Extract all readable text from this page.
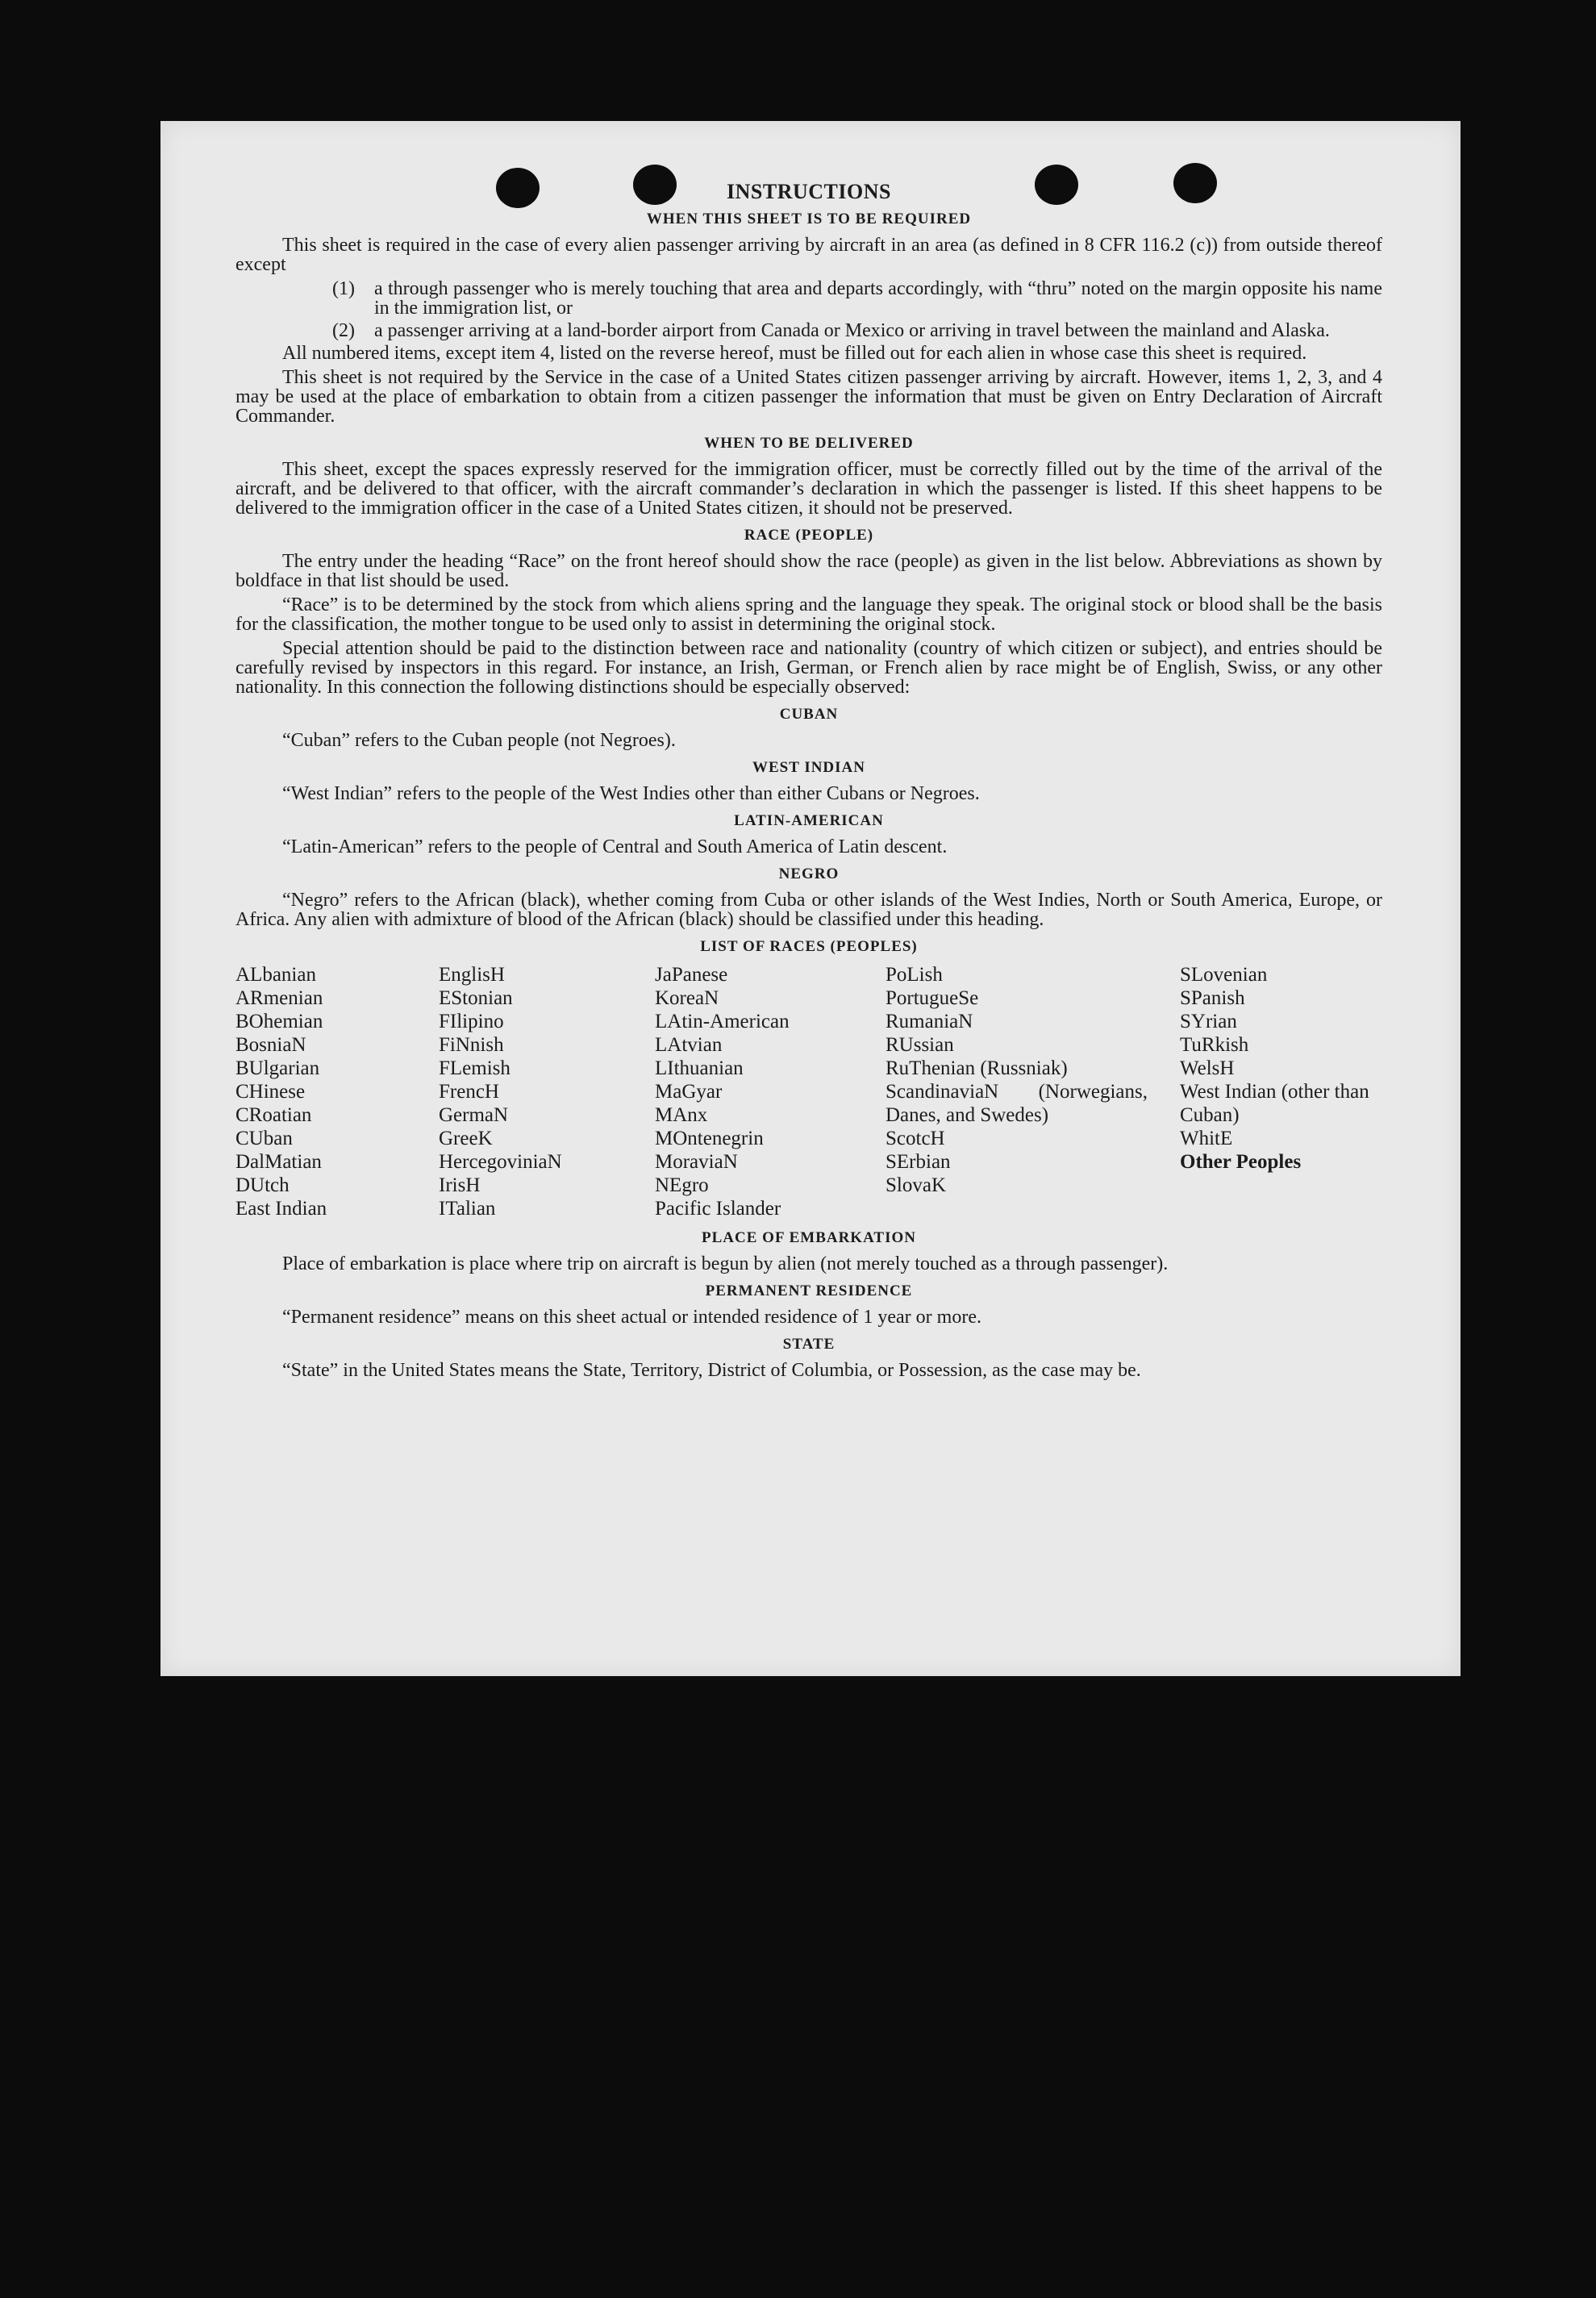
INSTRUCTIONS
WHEN THIS SHEET IS TO BE REQUIRED

This sheet is required in the case of every alien passenger arriving by aircraft in an area (as defined in 8 CFR 116.2 (c)) from outside thereof except

(1)	a through passenger who is merely touching that area and departs accordingly, with “thru” noted on the margin opposite his name in the immigration list, or
(2)	a passenger arriving at a land-border airport from Canada or Mexico or arriving in travel between the mainland and Alaska.

All numbered items, except item 4, listed on the reverse hereof, must be filled out for each alien in whose case this sheet is required.

This sheet is not required by the Service in the case of a United States citizen passenger arriving by aircraft. However, items 1, 2, 3, and 4 may be used at the place of embarkation to obtain from a citizen passenger the information that must be given on Entry Declaration of Aircraft Commander.

WHEN TO BE DELIVERED

This sheet, except the spaces expressly reserved for the immigration officer, must be correctly filled out by the time of the arrival of the aircraft, and be delivered to that officer, with the aircraft commander’s declaration in which the passenger is listed. If this sheet happens to be delivered to the immigration officer in the case of a United States citizen, it should not be preserved.

RACE (PEOPLE)

The entry under the heading “Race” on the front hereof should show the race (people) as given in the list below. Abbreviations as shown by boldface in that list should be used.

“Race” is to be determined by the stock from which aliens spring and the language they speak. The original stock or blood shall be the basis for the classification, the mother tongue to be used only to assist in determining the original stock.

Special attention should be paid to the distinction between race and nationality (country of which citizen or subject), and entries should be carefully revised by inspectors in this regard. For instance, an Irish, German, or French alien by race might be of English, Swiss, or any other nationality. In this connection the following distinctions should be especially observed:

CUBAN
“Cuban” refers to the Cuban people (not Negroes).
WEST INDIAN
“West Indian” refers to the people of the West Indies other than either Cubans or Negroes.
LATIN-AMERICAN
“Latin-American” refers to the people of Central and South America of Latin descent.
NEGRO

“Negro” refers to the African (black), whether coming from Cuba or other islands of the West Indies, North or South America, Europe, or Africa. Any alien with admixture of blood of the African (black) should be classified under this heading.

LIST OF RACES (PEOPLES)
ALbanian
ARmenian
BOhemian
BosniaN
BUlgarian
CHinese
CRoatian
CUban
DalMatian
DUtch
East Indian
EnglisH
EStonian
FIlipino
FiNnish
FLemish
FrencH
GermaN
GreeK
HercegoviniaN
IrisH
ITalian
JaPanese
KoreaN
LAtin-American
LAtvian
LIthuanian
MaGyar
MAnx
MOntenegrin
MoraviaN
NEgro
Pacific Islander
PoLish
PortugueSe
RumaniaN
RUssian
RuThenian (Russniak)
ScandinaviaN (Norwegians, Danes, and Swedes)
ScotcH
SErbian
SlovaK
SLovenian
SPanish
SYrian
TuRkish
WelsH
West Indian (other than Cuban)
WhitE
Other Peoples
PLACE OF EMBARKATION

Place of embarkation is place where trip on aircraft is begun by alien (not merely touched as a through passenger).

PERMANENT RESIDENCE

“Permanent residence” means on this sheet actual or intended residence of 1 year or more.

STATE

“State” in the United States means the State, Territory, District of Columbia, or Possession, as the case may be.
